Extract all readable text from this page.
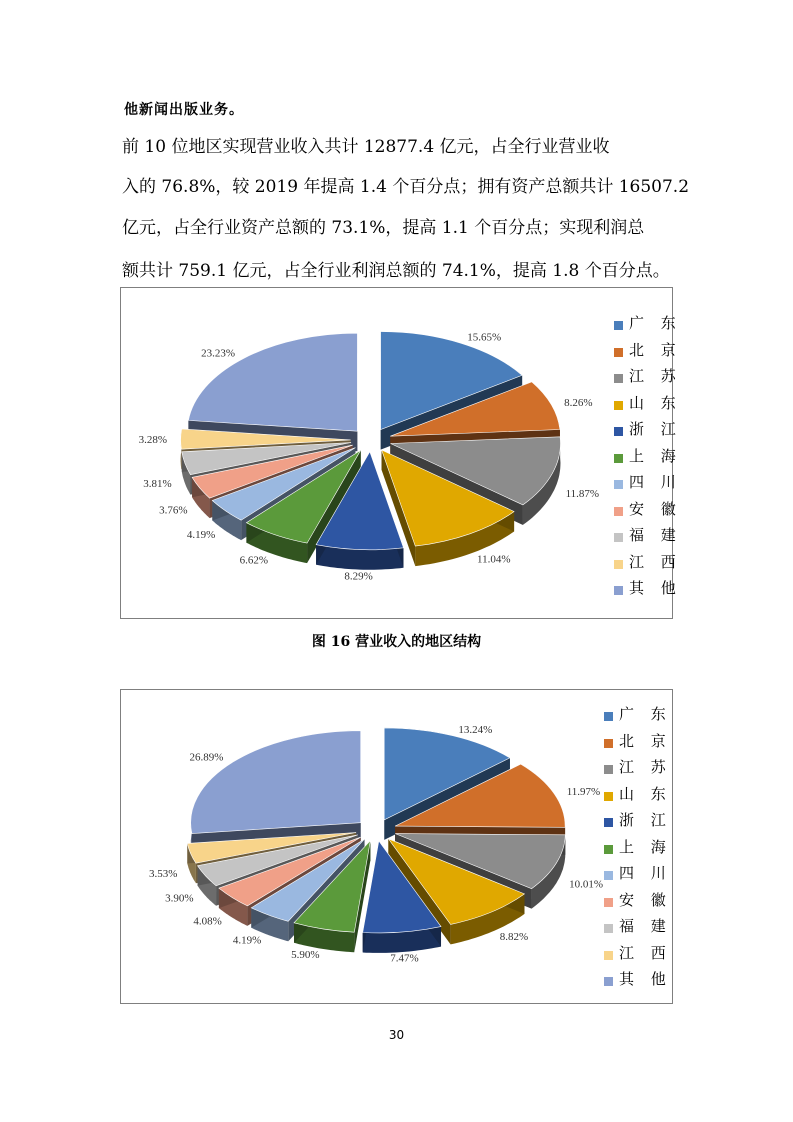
他新闻出版业务。
前 10 位地区实现营业收入共计 12877.4 亿元，占全行业营业收
入的 76.8%，较 2019 年提高 1.4 个百分点；拥有资产总额共计 16507.2
亿元，占全行业资产总额的 73.1%，提高 1.1 个百分点；实现利润总
额共计 759.1 亿元，占全行业利润总额的 74.1%，提高 1.8 个百分点。
15.65%
8.26%
11.87%
11.04%
8.29%
6.62%
4.19%
3.76%
3.81%
3.28%
23.23%
广 东
北 京
江 苏
山 东
浙 江
上 海
四 川
安 徽
福 建
江 西
其 他
图 16 营业收入的地区结构
13.24%
11.97%
10.01%
8.82%
7.47%
5.90%
4.19%
4.08%
3.90%
3.53%
26.89%
广 东
北 京
江 苏
山 东
浙 江
上 海
四 川
安 徽
福 建
江 西
其 他
30
